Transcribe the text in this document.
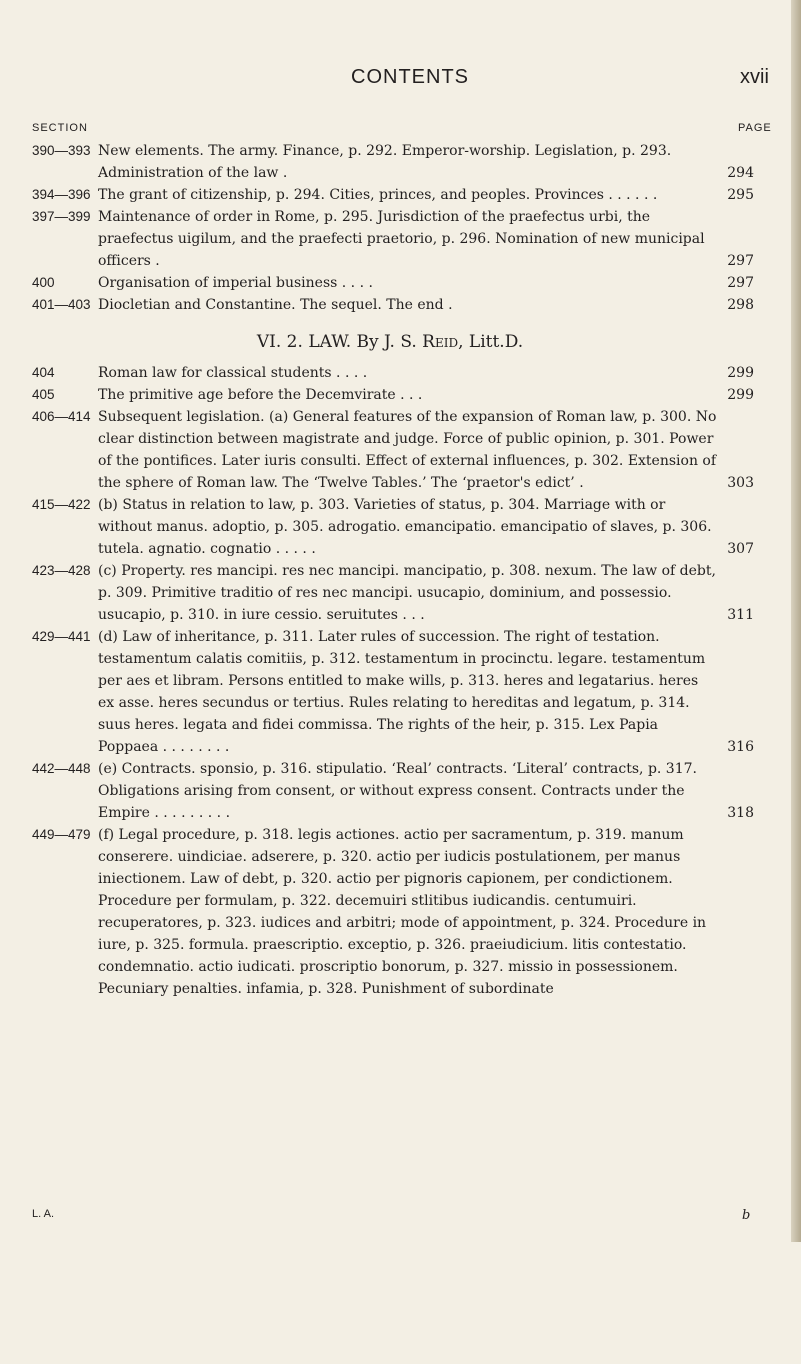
CONTENTS	xvii
SECTION	PAGE
390—393 New elements. The army. Finance, p. 292. Emperor-worship. Legislation, p. 293. Administration of the law .	294
394—396 The grant of citizenship, p. 294. Cities, princes, and peoples. Provinces . . . . . .	295
397—399 Maintenance of order in Rome, p. 295. Jurisdiction of the praefectus urbi, the praefectus uigilum, and the praefecti praetorio, p. 296. Nomination of new municipal officers .	297
400	Organisation of imperial business . . . .	297
401—403 Diocletian and Constantine. The sequel. The end .	298
VI. 2. LAW. By J. S. Reid, Litt.D.
404	Roman law for classical students . . . .	299
405	The primitive age before the Decemvirate . . .	299
406—414 Subsequent legislation. (a) General features of the expansion of Roman law, p. 300. No clear distinction between magistrate and judge. Force of public opinion, p. 301. Power of the pontifices. Later iuris consulti. Effect of external influences, p. 302. Extension of the sphere of Roman law. The ‘Twelve Tables.’ The ‘praetor's edict’ .	303
415—422 (b) Status in relation to law, p. 303. Varieties of status, p. 304. Marriage with or without manus. adoptio, p. 305. adrogatio. emancipatio. emancipatio of slaves, p. 306. tutela. agnatio. cognatio . . . . .	307
423—428 (c) Property. res mancipi. res nec mancipi. mancipatio, p. 308. nexum. The law of debt, p. 309. Primitive traditio of res nec mancipi. usucapio, dominium, and possessio. usucapio, p. 310. in iure cessio. seruitutes . . .	311
429—441 (d) Law of inheritance, p. 311. Later rules of succession. The right of testation. testamentum calatis comitiis, p. 312. testamentum in procinctu. legare. testamentum per aes et libram. Persons entitled to make wills, p. 313. heres and legatarius. heres ex asse. heres secundus or tertius. Rules relating to hereditas and legatum, p. 314. suus heres. legata and fidei commissa. The rights of the heir, p. 315. Lex Papia Poppaea . . . . . . . .	316
442—448 (e) Contracts. sponsio, p. 316. stipulatio. ‘Real’ contracts. ‘Literal’ contracts, p. 317. Obligations arising from consent, or without express consent. Contracts under the Empire . . . . . . . . .	318
449—479 (f) Legal procedure, p. 318. legis actiones. actio per sacramentum, p. 319. manum conserere. uindiciae. adserere, p. 320. actio per iudicis postulationem, per manus iniectionem. Law of debt, p. 320. actio per pignoris capionem, per condictionem. Procedure per formulam, p. 322. decemuiri stlitibus iudicandis. centumuiri. recuperatores, p. 323. iudices and arbitri; mode of appointment, p. 324. Procedure in iure, p. 325. formula. praescriptio. exceptio, p. 326. praeiudicium. litis contestatio. condemnatio. actio iudicati. proscriptio bonorum, p. 327. missio in possessionem. Pecuniary penalties. infamia, p. 328. Punishment of subordinate
L. A.	b
